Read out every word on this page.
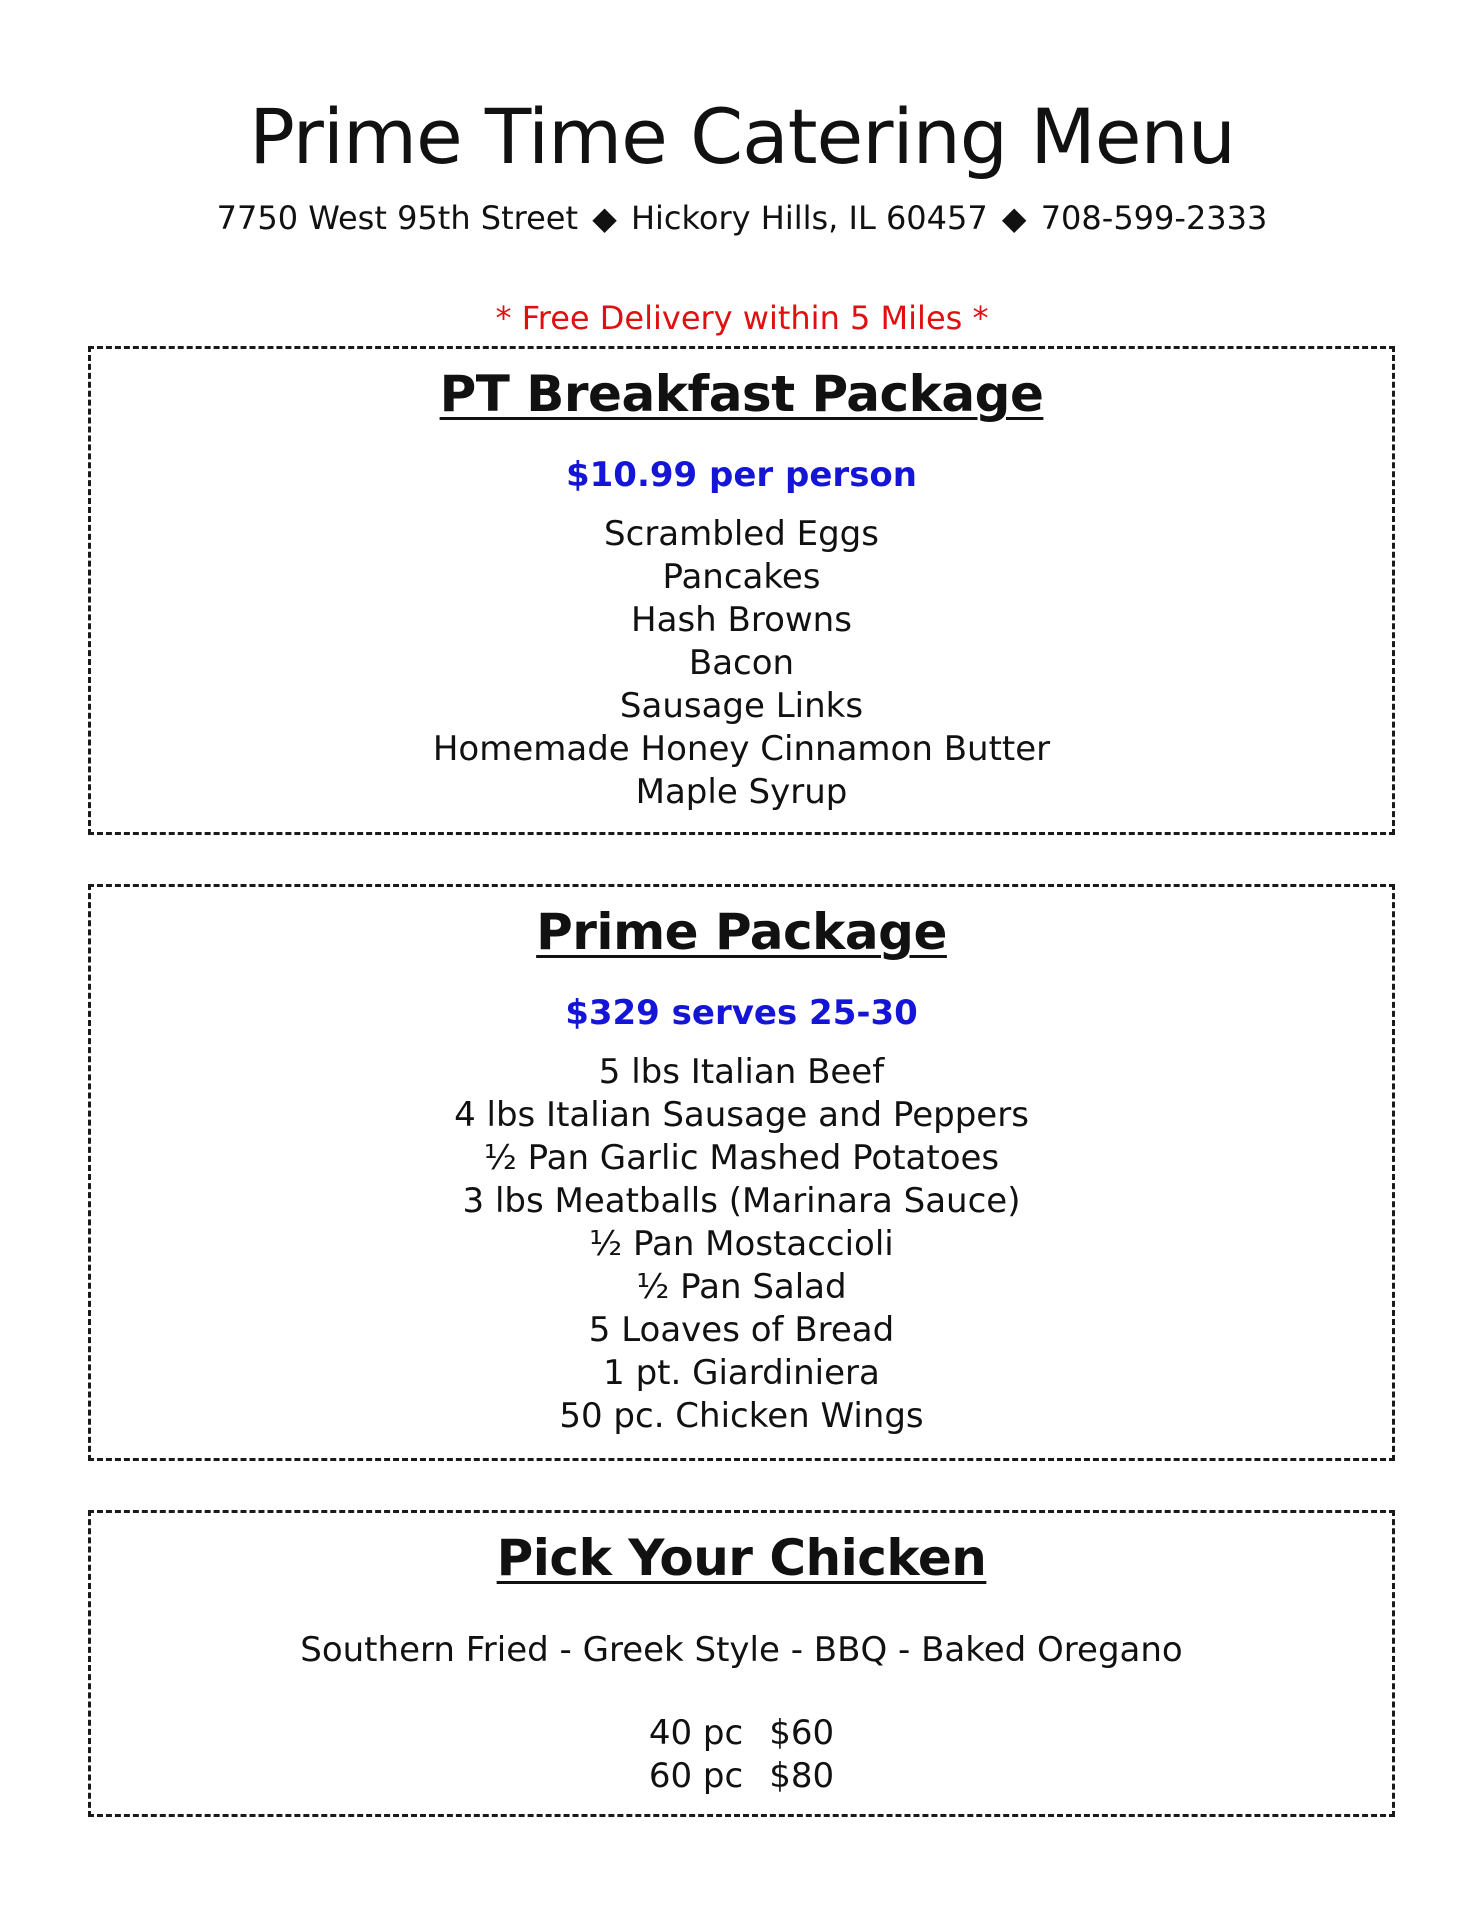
Prime Time Catering Menu
7750 West 95th Street ◆ Hickory Hills, IL 60457 ◆ 708-599-2333
* Free Delivery within 5 Miles *
PT Breakfast Package
$10.99 per person
Scrambled Eggs
Pancakes
Hash Browns
Bacon
Sausage Links
Homemade Honey Cinnamon Butter
Maple Syrup
Prime Package
$329 serves 25-30
5 lbs Italian Beef
4 lbs Italian Sausage and Peppers
½ Pan Garlic Mashed Potatoes
3 lbs Meatballs (Marinara Sauce)
½ Pan Mostaccioli
½ Pan Salad
5 Loaves of Bread
1 pt. Giardiniera
50 pc. Chicken Wings
Pick Your Chicken
Southern Fried - Greek Style - BBQ - Baked Oregano
40 pc $60
60 pc $80
